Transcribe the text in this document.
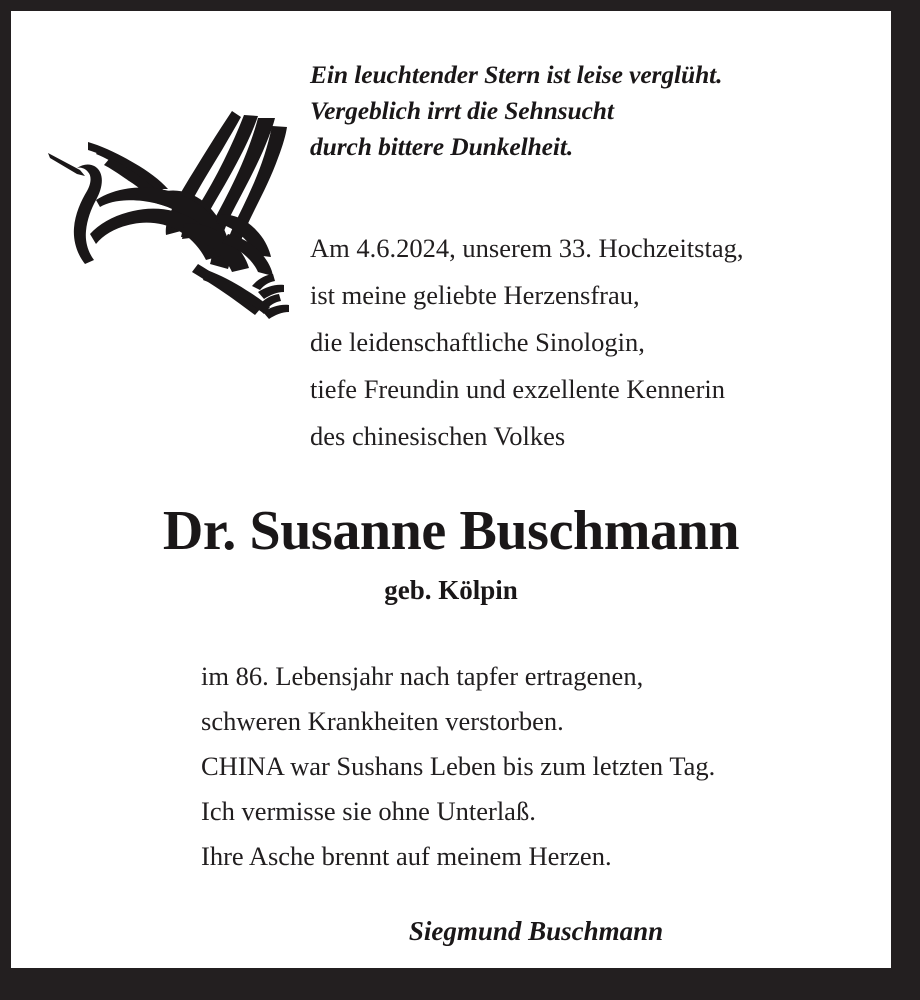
Ein leuchtender Stern ist leise verglüht.
Vergeblich irrt die Sehnsucht
durch bittere Dunkelheit.
Am 4.6.2024, unserem 33. Hochzeitstag,
ist meine geliebte Herzensfrau,
die leidenschaftliche Sinologin,
tiefe Freundin und exzellente Kennerin
des chinesischen Volkes
Dr. Susanne Buschmann
geb. Kölpin
im 86. Lebensjahr nach tapfer ertragenen,
schweren Krankheiten verstorben.
CHINA war Sushans Leben bis zum letzten Tag.
Ich vermisse sie ohne Unterlaß.
Ihre Asche brennt auf meinem Herzen.
Siegmund Buschmann
